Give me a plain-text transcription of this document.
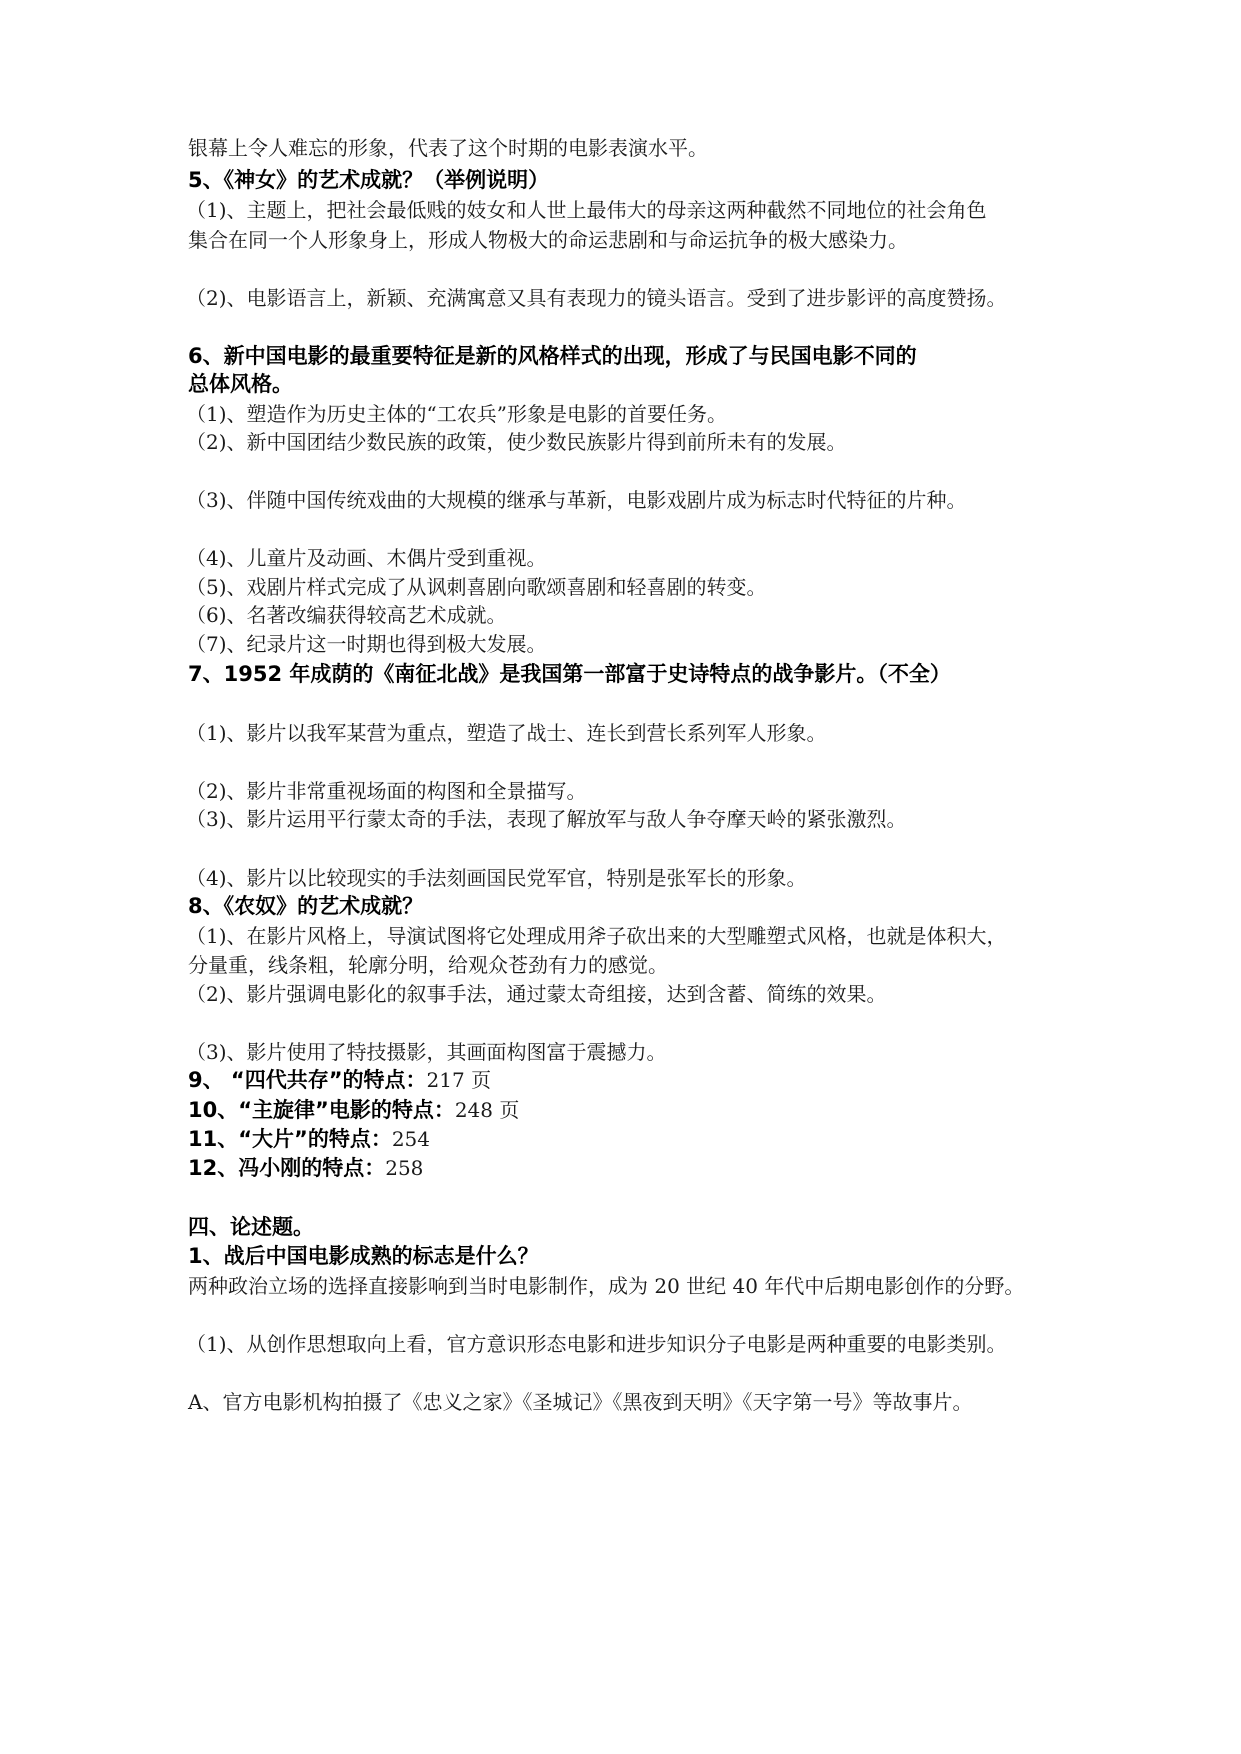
银幕上令人难忘的形象，代表了这个时期的电影表演水平。
5、《神女》的艺术成就？（举例说明）
（1)、主题上，把社会最低贱的妓女和人世上最伟大的母亲这两种截然不同地位的社会角色
集合在同一个人形象身上，形成人物极大的命运悲剧和与命运抗争的极大感染力。
（2)、电影语言上，新颖、充满寓意又具有表现力的镜头语言。受到了进步影评的高度赞扬。
6、新中国电影的最重要特征是新的风格样式的出现，形成了与民国电影不同的
总体风格。
（1)、塑造作为历史主体的“工农兵”形象是电影的首要任务。
（2)、新中国团结少数民族的政策，使少数民族影片得到前所未有的发展。
（3)、伴随中国传统戏曲的大规模的继承与革新，电影戏剧片成为标志时代特征的片种。
（4)、儿童片及动画、木偶片受到重视。
（5)、戏剧片样式完成了从讽刺喜剧向歌颂喜剧和轻喜剧的转变。
（6)、名著改编获得较高艺术成就。
（7)、纪录片这一时期也得到极大发展。
7、1952 年成荫的《南征北战》是我国第一部富于史诗特点的战争影片。（不全）
（1)、影片以我军某营为重点，塑造了战士、连长到营长系列军人形象。
（2)、影片非常重视场面的构图和全景描写。
（3)、影片运用平行蒙太奇的手法，表现了解放军与敌人争夺摩天岭的紧张激烈。
（4)、影片以比较现实的手法刻画国民党军官，特别是张军长的形象。
8、《农奴》的艺术成就？
（1)、在影片风格上，导演试图将它处理成用斧子砍出来的大型雕塑式风格，也就是体积大，
分量重，线条粗，轮廓分明，给观众苍劲有力的感觉。
（2)、影片强调电影化的叙事手法，通过蒙太奇组接，达到含蓄、简练的效果。
（3)、影片使用了特技摄影，其画面构图富于震撼力。
9、 “四代共存”的特点：217 页
10、“主旋律”电影的特点：248 页
11、“大片”的特点：254
12、冯小刚的特点：258
四、论述题。
1、战后中国电影成熟的标志是什么？
两种政治立场的选择直接影响到当时电影制作，成为 20 世纪 40 年代中后期电影创作的分野。
（1)、从创作思想取向上看，官方意识形态电影和进步知识分子电影是两种重要的电影类别。
A、官方电影机构拍摄了《忠义之家》《圣城记》《黑夜到天明》《天字第一号》等故事片。
